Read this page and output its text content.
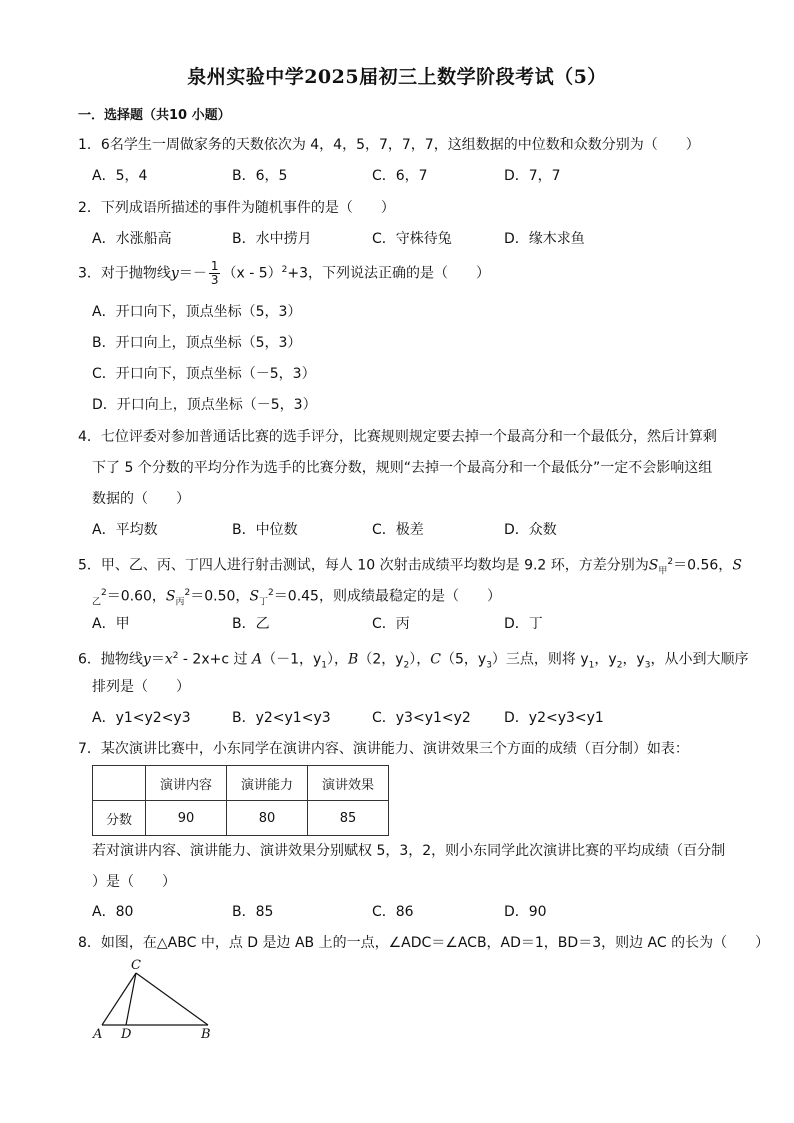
泉州实验中学2025届初三上数学阶段考试（5）
一．选择题（共10 小题）
1．6名学生一周做家务的天数依次为 4，4，5，7，7，7，这组数据的中位数和众数分别为（　　）
A．5，4	B．6，5	C．6，7	D．7，7
2．下列成语所描述的事件为随机事件的是（　　）
A．水涨船高	B．水中捞月	C．守株待兔	D．缘木求鱼
3．对于抛物线$y=- \frac{1}{3} (x - 5)^2+3$，下列说法正确的是（　　）
A．开口向下，顶点坐标（5，3）
B．开口向上，顶点坐标（5，3）
C．开口向下，顶点坐标（－5，3）
D．开口向上，顶点坐标（－5，3）
4．七位评委对参加普通话比赛的选手评分，比赛规则规定要去掉一个最高分和一个最低分，然后计算剩
下了 5 个分数的平均分作为选手的比赛分数，规则“去掉一个最高分和一个最低分”一定不会影响这组
数据的（　　）
A．平均数	B．中位数	C．极差	D．众数
5．甲、乙、丙、丁四人进行射击测试，每人 10 次射击成绩平均数均是 9.2 环，方差分别为$S_甲^2=0.56$，S
$_乙^2$＝0.60，$S_丙^2=0.50$，$S_丁^2=0.45$，则成绩最稳定的是（　　）
A．甲	B．乙	C．丙	D．丁
6．抛物线$y=x^2 - 2x+c$ 过 A（－1，$y_1$），B（2，$y_2$），C（5，$y_3$）三点，则将 $y_1$，$y_2$，$y_3$，从小到大顺序
排列是（　　）
A．y1<y2<y3	B．y2<y1<y3	C．y3<y1<y2 D．y2<y3<y1
7．某次演讲比赛中，小东同学在演讲内容、演讲能力、演讲效果三个方面的成绩（百分制）如表：
	演讲内容	演讲能力	演讲效果
分数	90	80	85
若对演讲内容、演讲能力、演讲效果分别赋权 5，3，2，则小东同学此次演讲比赛的平均成绩（百分制
）是（　　）
A．80	B．85	C．86	D．90
8．如图，在△ABC 中，点 D 是边 AB 上的一点，∠ADC＝∠ACB，AD＝1，BD＝3，则边 AC 的长为（　　）
A D	B
C
